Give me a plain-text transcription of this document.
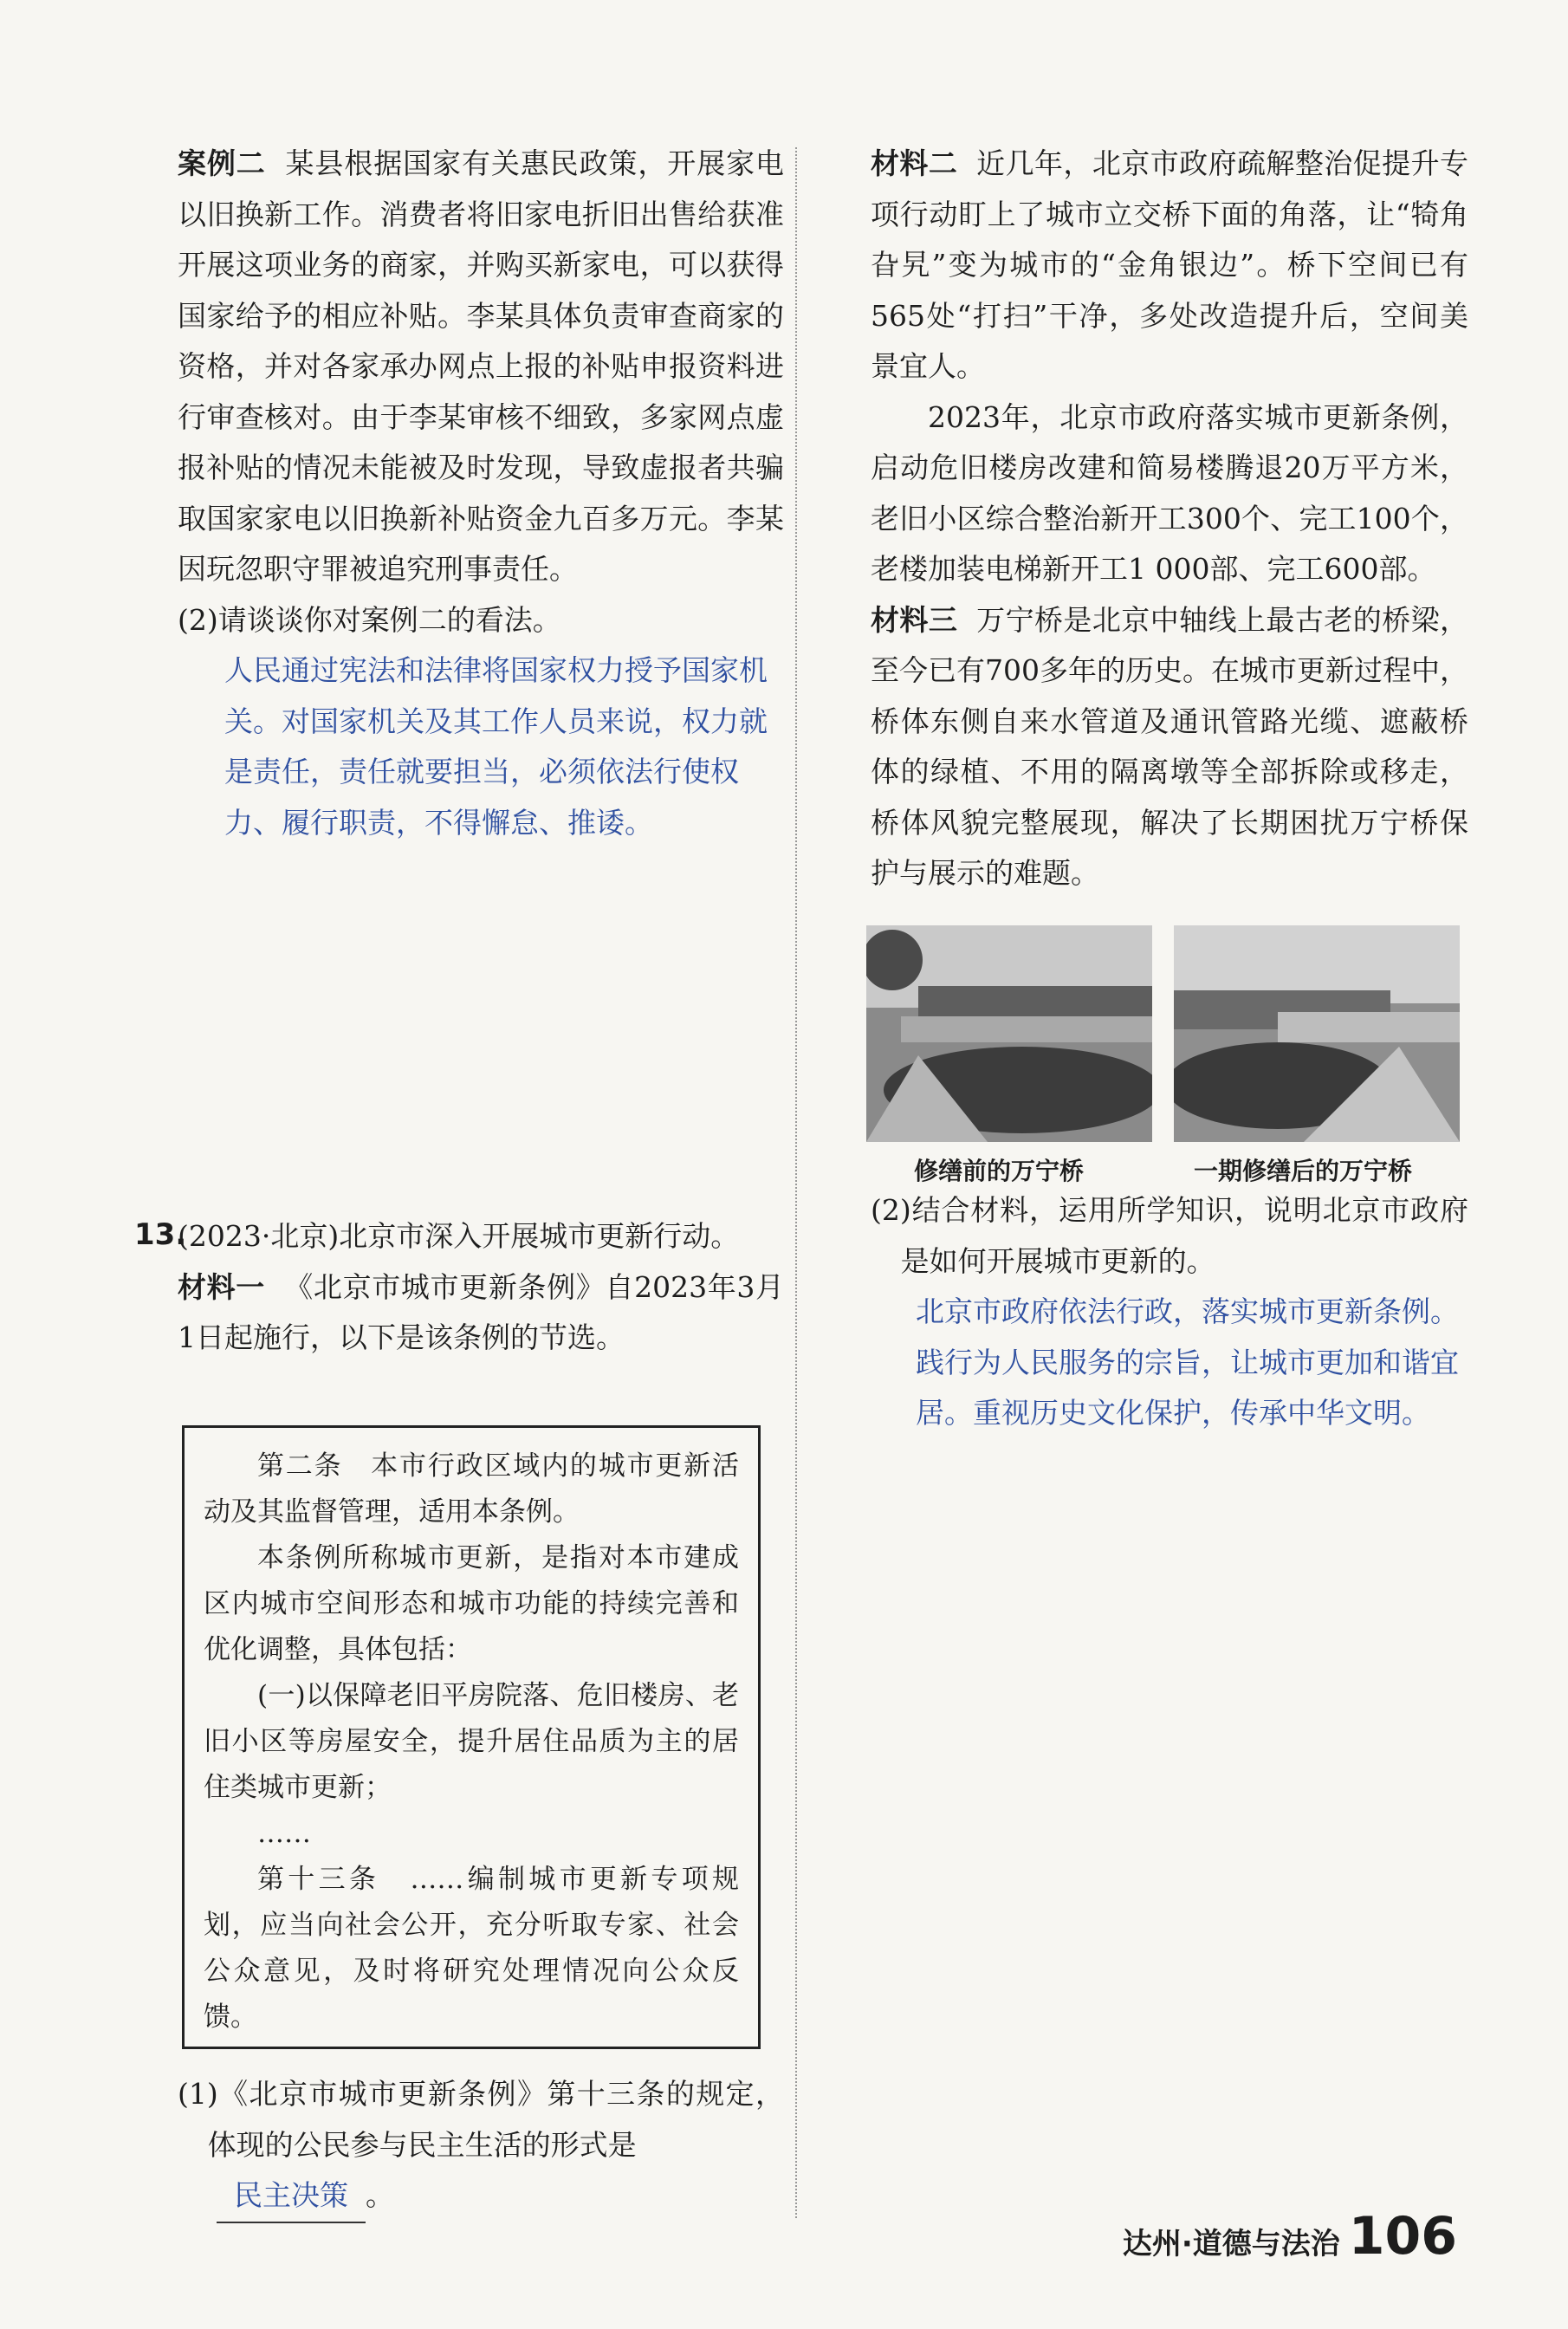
案例二 某县根据国家有关惠民政策，开展家电以旧换新工作。消费者将旧家电折旧出售给获准开展这项业务的商家，并购买新家电，可以获得国家给予的相应补贴。李某具体负责审查商家的资格，并对各家承办网点上报的补贴申报资料进行审查核对。由于李某审核不细致，多家网点虚报补贴的情况未能被及时发现，导致虚报者共骗取国家家电以旧换新补贴资金九百多万元。李某因玩忽职守罪被追究刑事责任。

(2)请谈谈你对案例二的看法。

人民通过宪法和法律将国家权力授予国家机关。对国家机关及其工作人员来说，权力就是责任，责任就要担当，必须依法行使权力、履行职责，不得懈怠、推诿。
13.

(2023·北京)北京市深入开展城市更新行动。

材料一 《北京市城市更新条例》自2023年3月1日起施行，以下是该条例的节选。

第二条　本市行政区域内的城市更新活动及其监督管理，适用本条例。

本条例所称城市更新，是指对本市建成区内城市空间形态和城市功能的持续完善和优化调整，具体包括：

(一)以保障老旧平房院落、危旧楼房、老旧小区等房屋安全，提升居住品质为主的居住类城市更新；

……

第十三条　……编制城市更新专项规划，应当向社会公开，充分听取专家、社会公众意见，及时将研究处理情况向公众反馈。

(1)《北京市城市更新条例》第十三条的规定，体现的公民参与民主生活的形式是

民主决策 。

材料二 近几年，北京市政府疏解整治促提升专项行动盯上了城市立交桥下面的角落，让“犄角旮旯”变为城市的“金角银边”。桥下空间已有565处“打扫”干净，多处改造提升后，空间美景宜人。

2023年，北京市政府落实城市更新条例，启动危旧楼房改建和简易楼腾退20万平方米，老旧小区综合整治新开工300个、完工100个，老楼加装电梯新开工1 000部、完工600部。

材料三 万宁桥是北京中轴线上最古老的桥梁，至今已有700多年的历史。在城市更新过程中，桥体东侧自来水管道及通讯管路光缆、遮蔽桥体的绿植、不用的隔离墩等全部拆除或移走，桥体风貌完整展现，解决了长期困扰万宁桥保护与展示的难题。

修缮前的万宁桥	一期修缮后的万宁桥

(2)结合材料，运用所学知识，说明北京市政府是如何开展城市更新的。

北京市政府依法行政，落实城市更新条例。践行为人民服务的宗旨，让城市更加和谐宜居。重视历史文化保护，传承中华文明。
达州·道德与法治 106
